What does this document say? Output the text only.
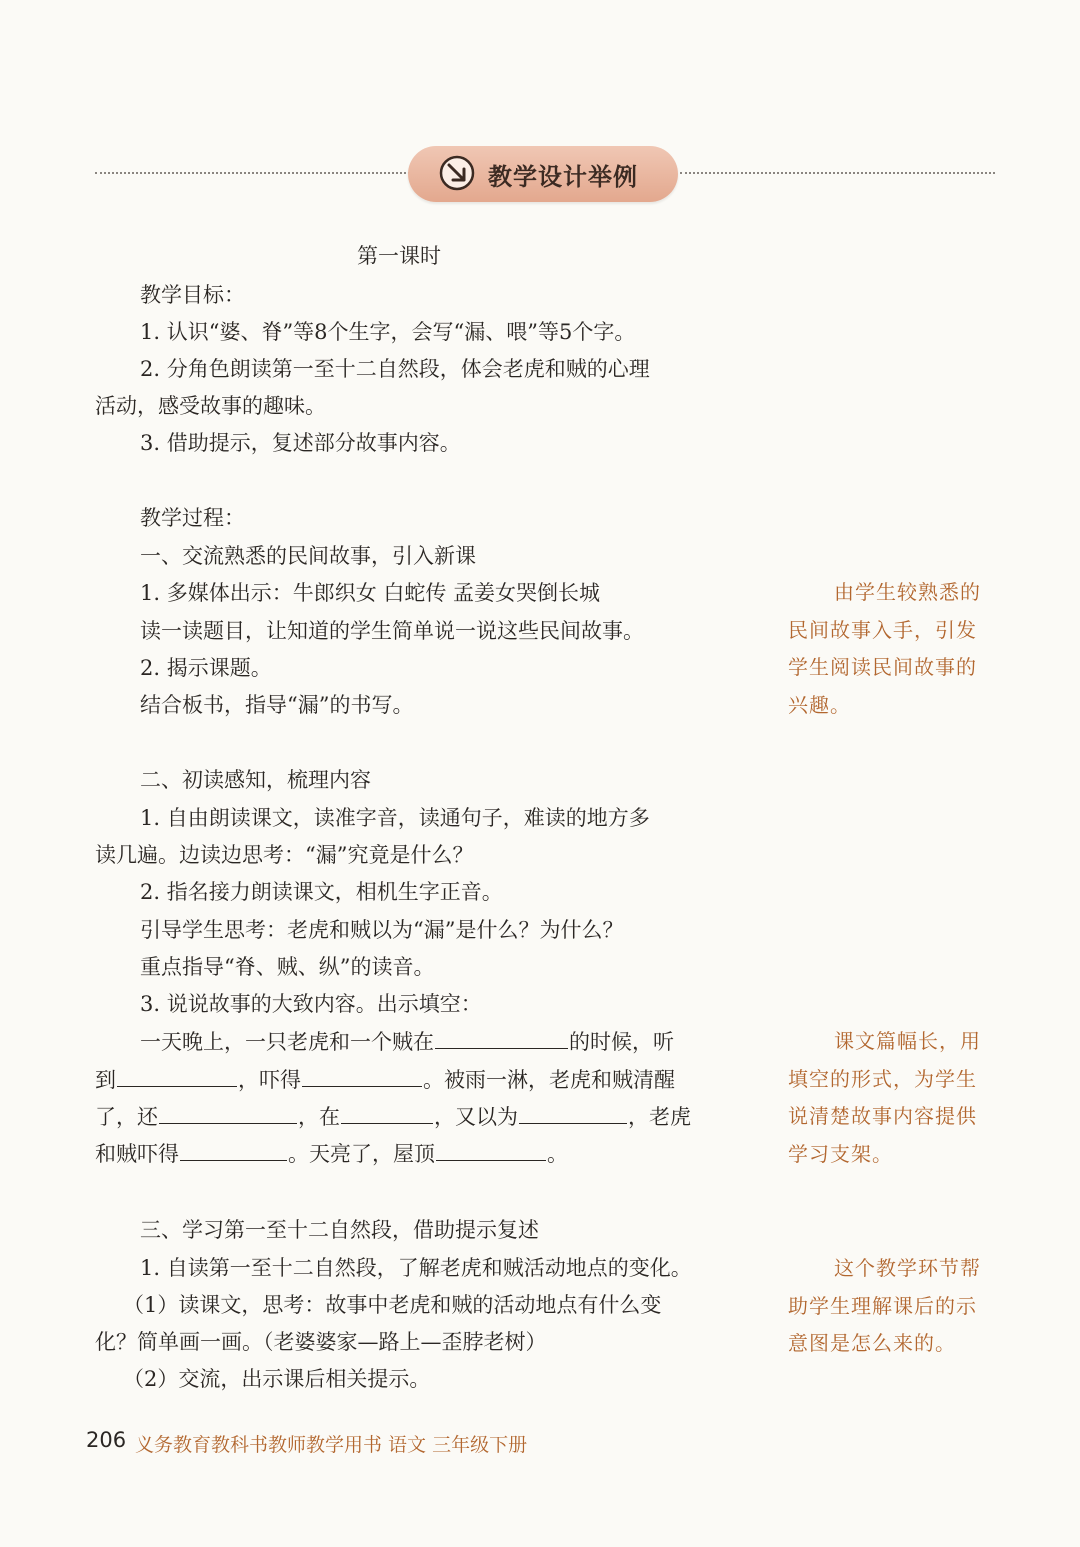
教学设计举例
第一课时
教学目标：
1. 认识“婆、脊”等8个生字，会写“漏、喂”等5个字。
2. 分角色朗读第一至十二自然段，体会老虎和贼的心理
活动，感受故事的趣味。
3. 借助提示，复述部分故事内容。
教学过程：
一、交流熟悉的民间故事，引入新课
1. 多媒体出示：牛郎织女 白蛇传 孟姜女哭倒长城
读一读题目，让知道的学生简单说一说这些民间故事。
2. 揭示课题。
结合板书，指导“漏”的书写。
二、初读感知，梳理内容
1. 自由朗读课文，读准字音，读通句子，难读的地方多
读几遍。边读边思考：“漏”究竟是什么？
2. 指名接力朗读课文，相机生字正音。
引导学生思考：老虎和贼以为“漏”是什么？为什么？
重点指导“脊、贼、纵”的读音。
3. 说说故事的大致内容。出示填空：
一天晚上，一只老虎和一个贼在	的时候，听
到	，吓得	。被雨一淋，老虎和贼清醒
了，还	，在	，又以为	，老虎
和贼吓得	。天亮了，屋顶	。
三、学习第一至十二自然段，借助提示复述
1. 自读第一至十二自然段，了解老虎和贼活动地点的变化。
（1）读课文，思考：故事中老虎和贼的活动地点有什么变
化？简单画一画。（老婆婆家—路上—歪脖老树）
（2）交流，出示课后相关提示。
由学生较熟悉的
民间故事入手，引发
学生阅读民间故事的
兴趣。
课文篇幅长，用
填空的形式，为学生
说清楚故事内容提供
学习支架。
这个教学环节帮
助学生理解课后的示
意图是怎么来的。
206 义务教育教科书教师教学用书 语文 三年级下册
